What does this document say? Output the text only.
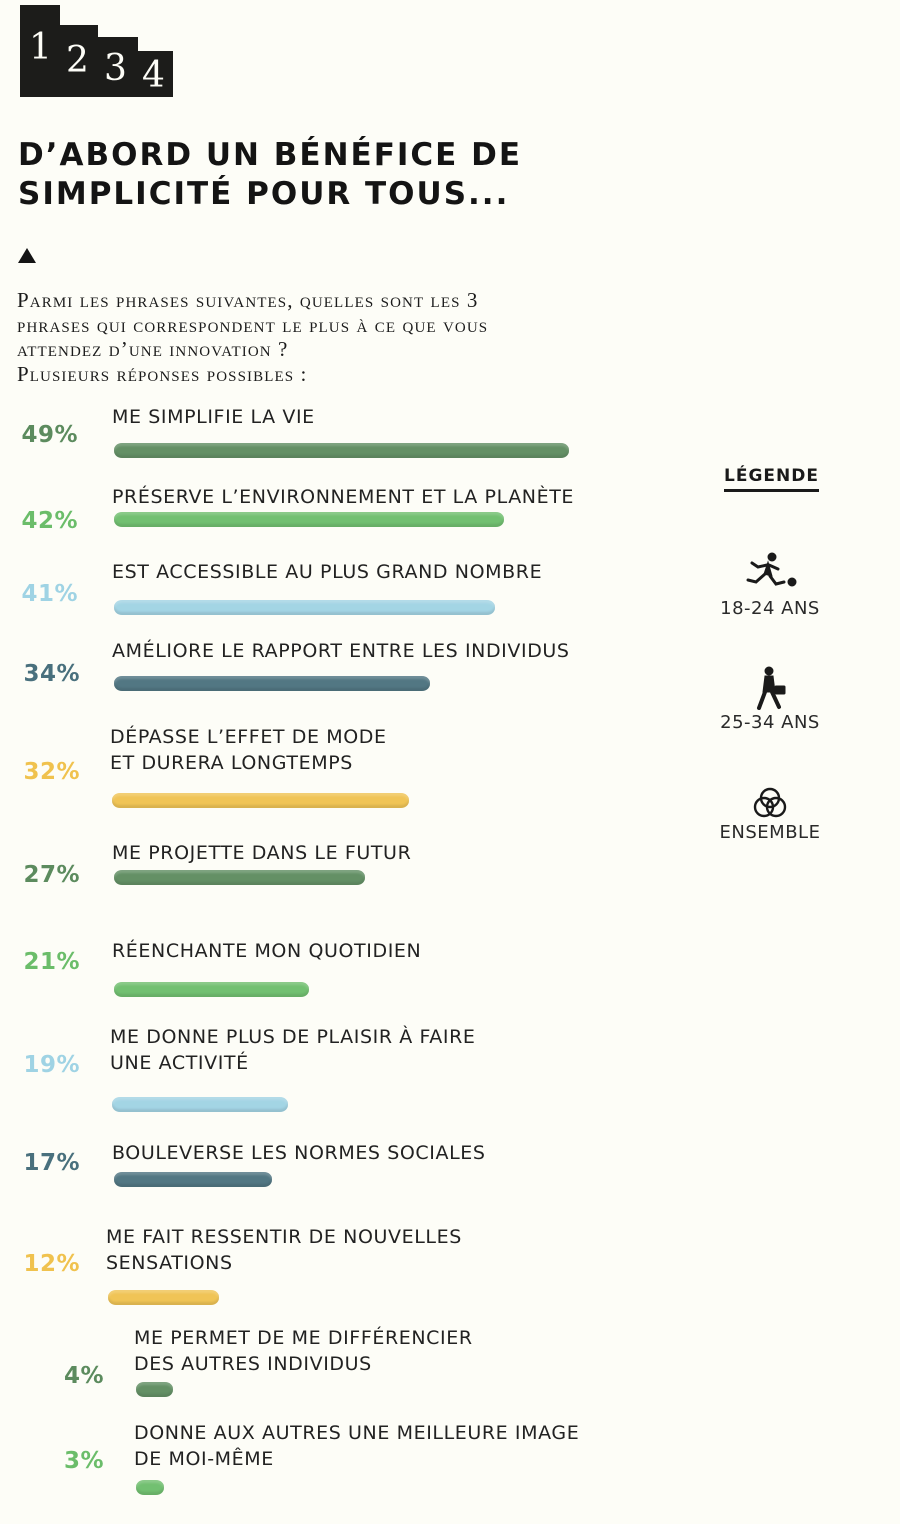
1 2 3 4
D’ABORD UN BÉNÉFICE DE
SIMPLICITÉ POUR TOUS...

Parmi les phrases suivantes, quelles sont les 3
phrases qui correspondent le plus à ce que vous
attendez d’une innovation ?
Plusieurs réponses possibles :

49%
ME SIMPLIFIE LA VIE
42%
PRÉSERVE L’ENVIRONNEMENT ET LA PLANÈTE
41%
EST ACCESSIBLE AU PLUS GRAND NOMBRE
34%
AMÉLIORE LE RAPPORT ENTRE LES INDIVIDUS
32%
DÉPASSE L’EFFET DE MODE
ET DURERA LONGTEMPS
27%
ME PROJETTE DANS LE FUTUR
21% RÉENCHANTE MON QUOTIDIEN
19%
ME DONNE PLUS DE PLAISIR À FAIRE
UNE ACTIVITÉ
17% BOULEVERSE LES NORMES SOCIALES
12%
ME FAIT RESSENTIR DE NOUVELLES
SENSATIONS
4%
ME PERMET DE ME DIFFÉRENCIER
DES AUTRES INDIVIDUS
3%
DONNE AUX AUTRES UNE MEILLEURE IMAGE
DE MOI-MÊME
LÉGENDE
18-24 ANS
25-34 ANS
ENSEMBLE
